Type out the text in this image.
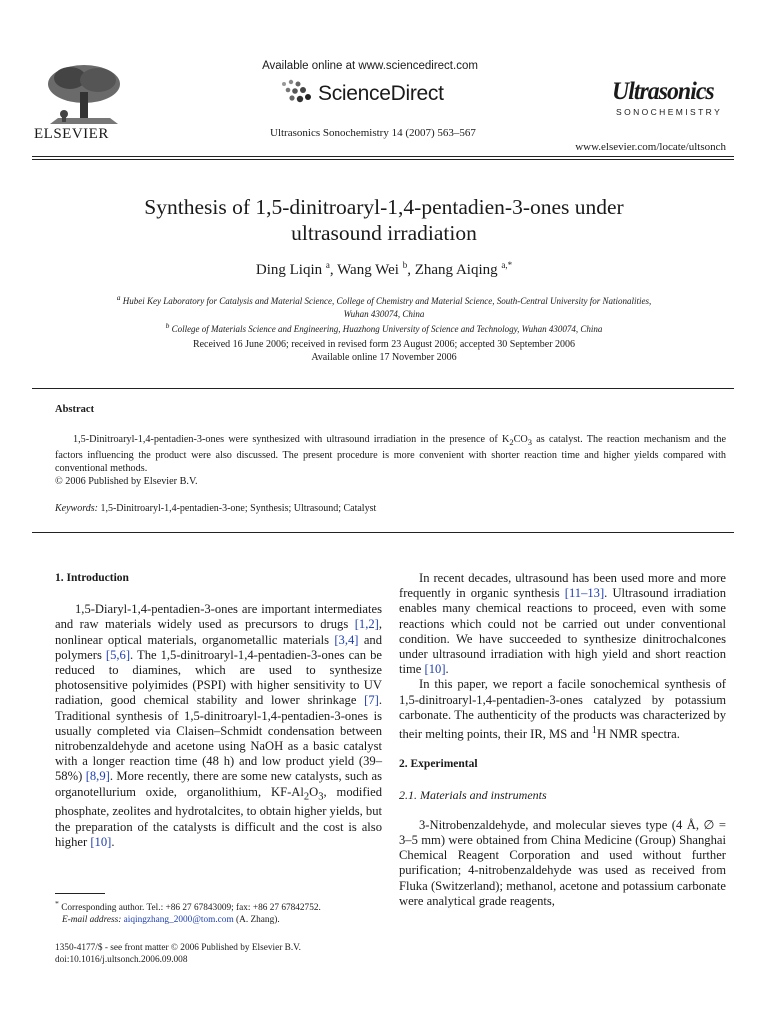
ELSEVIER
Available online at www.sciencedirect.com
ScienceDirect
Ultrasonics Sonochemistry 14 (2007) 563–567
Ultrasonics
SONOCHEMISTRY
www.elsevier.com/locate/ultsonch
Synthesis of 1,5-dinitroaryl-1,4-pentadien-3-ones under
ultrasound irradiation
Ding Liqin $^a$, Wang Wei $^b$, Zhang Aiqing $^{a,*}$
$^a$ Hubei Key Laboratory for Catalysis and Material Science, College of Chemistry and Material Science, South-Central University for Nationalities,
Wuhan 430074, China
$^b$ College of Materials Science and Engineering, Huazhong University of Science and Technology, Wuhan 430074, China
Received 16 June 2006; received in revised form 23 August 2006; accepted 30 September 2006
Available online 17 November 2006
Abstract

1,5-Dinitroaryl-1,4-pentadien-3-ones were synthesized with ultrasound irradiation in the presence of $K_2CO_3$ as catalyst. The reaction mechanism and the factors influencing the product were also discussed. The present procedure is more convenient with shorter reaction time and higher yields compared with conventional methods.

© 2006 Published by Elsevier B.V.

Keywords: 1,5-Dinitroaryl-1,4-pentadien-3-one; Synthesis; Ultrasound; Catalyst

1. Introduction

1,5-Diaryl-1,4-pentadien-3-ones are important intermediates and raw materials widely used as precursors to drugs [1,2], nonlinear optical materials, organometallic materials [3,4] and polymers [5,6]. The 1,5-dinitroaryl-1,4-pentadien-3-ones can be reduced to diamines, which are used to synthesize photosensitive polyimides (PSPI) with higher sensitivity to UV radiation, good chemical stability and lower shrinkage [7]. Traditional synthesis of 1,5-dinitroaryl-1,4-pentadien-3-ones is usually completed via Claisen–Schmidt condensation between nitrobenzaldehyde and acetone using NaOH as a basic catalyst with a longer reaction time (48 h) and low product yield (39–58%) [8,9]. More recently, there are some new catalysts, such as organotellurium oxide, organolithium, $KF-Al_2O_3$, modified phosphate, zeolites and hydrotalcites, to obtain higher yields, but the preparation of the catalysts is difficult and the cost is also higher [10].

In recent decades, ultrasound has been used more and more frequently in organic synthesis [11–13]. Ultrasound irradiation enables many chemical reactions to proceed, even with some reactions which could not be carried out under conventional condition. We have succeeded to synthesize dinitrochalcones under ultrasound irradiation with high yield and short reaction time [10].

In this paper, we report a facile sonochemical synthesis of 1,5-dinitroaryl-1,4-pentadien-3-ones catalyzed by potassium carbonate. The authenticity of the products was characterized by their melting points, their IR, MS and $^1$H NMR spectra.

2. Experimental

2.1. Materials and instruments

3-Nitrobenzaldehyde, and molecular sieves type (4 Å, ∅ = 3–5 mm) were obtained from China Medicine (Group) Shanghai Chemical Reagent Corporation and used without further purification; 4-nitrobenzaldehyde was used as received from Fluka (Switzerland); methanol, acetone and potassium carbonate were analytical grade reagents,

* Corresponding author. Tel.: +86 27 67843009; fax: +86 27 67842752.
E-mail address: aiqingzhang_2000@tom.com (A. Zhang).
1350-4177/$ - see front matter © 2006 Published by Elsevier B.V.
doi:10.1016/j.ultsonch.2006.09.008
